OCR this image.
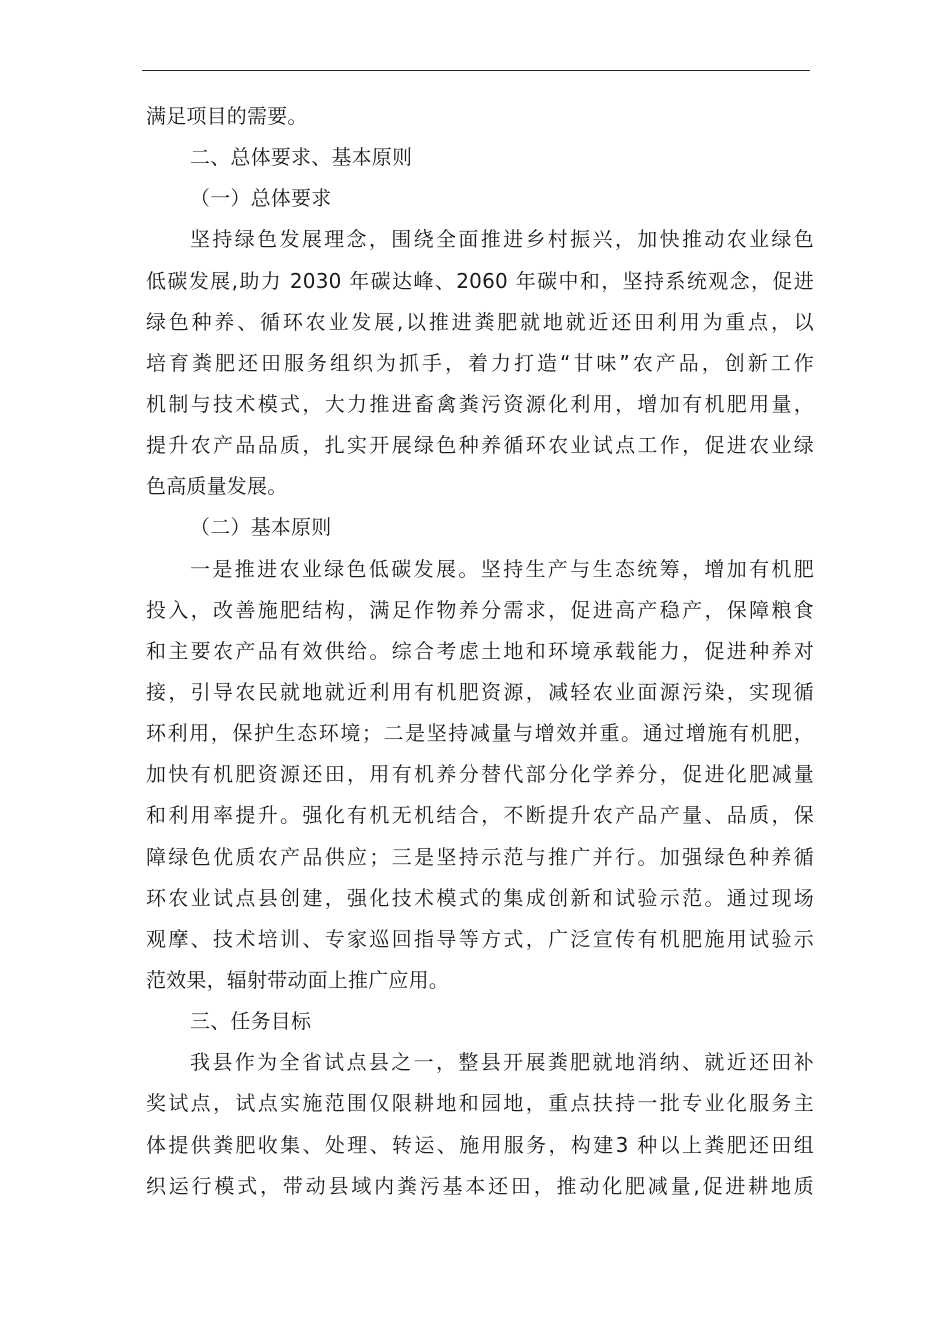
满足项目的需要。
二、总体要求、基本原则
（一）总体要求
坚持绿色发展理念，围绕全面推进乡村振兴，加快推动农业绿色
低碳发展,助力 2030 年碳达峰、2060 年碳中和，坚持系统观念，促进
绿色种养、循环农业发展,以推进粪肥就地就近还田利用为重点，以
培育粪肥还田服务组织为抓手，着力打造“甘味”农产品，创新工作
机制与技术模式，大力推进畜禽粪污资源化利用，增加有机肥用量，
提升农产品品质，扎实开展绿色种养循环农业试点工作，促进农业绿
色高质量发展。
（二）基本原则
一是推进农业绿色低碳发展。坚持生产与生态统筹，增加有机肥
投入，改善施肥结构，满足作物养分需求，促进高产稳产，保障粮食
和主要农产品有效供给。综合考虑土地和环境承载能力，促进种养对
接，引导农民就地就近利用有机肥资源，减轻农业面源污染，实现循
环利用，保护生态环境；二是坚持减量与增效并重。通过增施有机肥，
加快有机肥资源还田，用有机养分替代部分化学养分，促进化肥减量
和利用率提升。强化有机无机结合，不断提升农产品产量、品质，保
障绿色优质农产品供应；三是坚持示范与推广并行。加强绿色种养循
环农业试点县创建，强化技术模式的集成创新和试验示范。通过现场
观摩、技术培训、专家巡回指导等方式，广泛宣传有机肥施用试验示
范效果，辐射带动面上推广应用。
三、任务目标
我县作为全省试点县之一，整县开展粪肥就地消纳、就近还田补
奖试点，试点实施范围仅限耕地和园地，重点扶持一批专业化服务主
体提供粪肥收集、处理、转运、施用服务，构建3 种以上粪肥还田组
织运行模式，带动县域内粪污基本还田，推动化肥减量,促进耕地质
